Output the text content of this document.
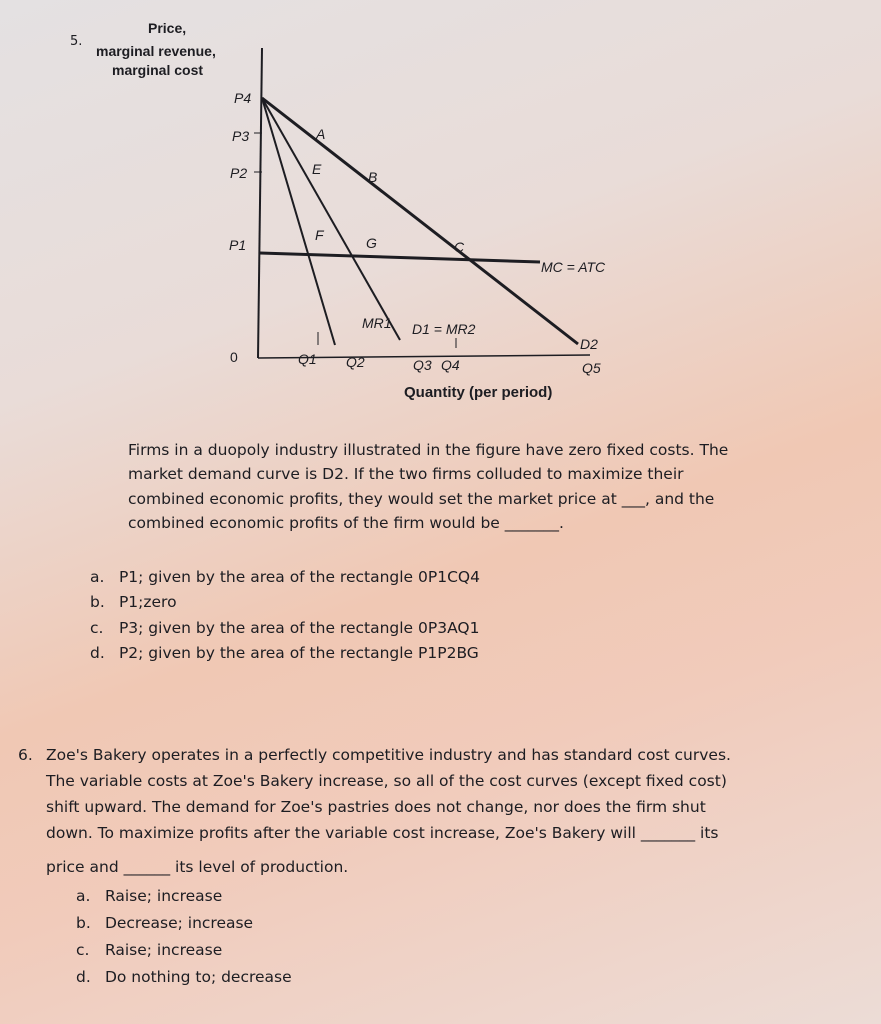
5.
Price,
marginal revenue,
marginal cost
P4
P3
P2
P1
0	Q1 Q2	Q3 Q4	Q5
A
E	B
F	G	C
MC = ATC
MR1 D1 = MR2
D2
Quantity (per period)
Firms in a duopoly industry illustrated in the figure have zero fixed costs. The
market demand curve is D2. If the two firms colluded to maximize their
combined economic profits, they would set the market price at ___, and the
combined economic profits of the firm would be _______.
a. P1; given by the area of the rectangle 0P1CQ4
b. P1;zero
c. P3; given by the area of the rectangle 0P3AQ1
d. P2; given by the area of the rectangle P1P2BG
6. Zoe's Bakery operates in a perfectly competitive industry and has standard cost curves.
The variable costs at Zoe's Bakery increase, so all of the cost curves (except fixed cost)
shift upward. The demand for Zoe's pastries does not change, nor does the firm shut
down. To maximize profits after the variable cost increase, Zoe's Bakery will _______ its
price and ______ its level of production.
a. Raise; increase
b. Decrease; increase
c. Raise; increase
d. Do nothing to; decrease
